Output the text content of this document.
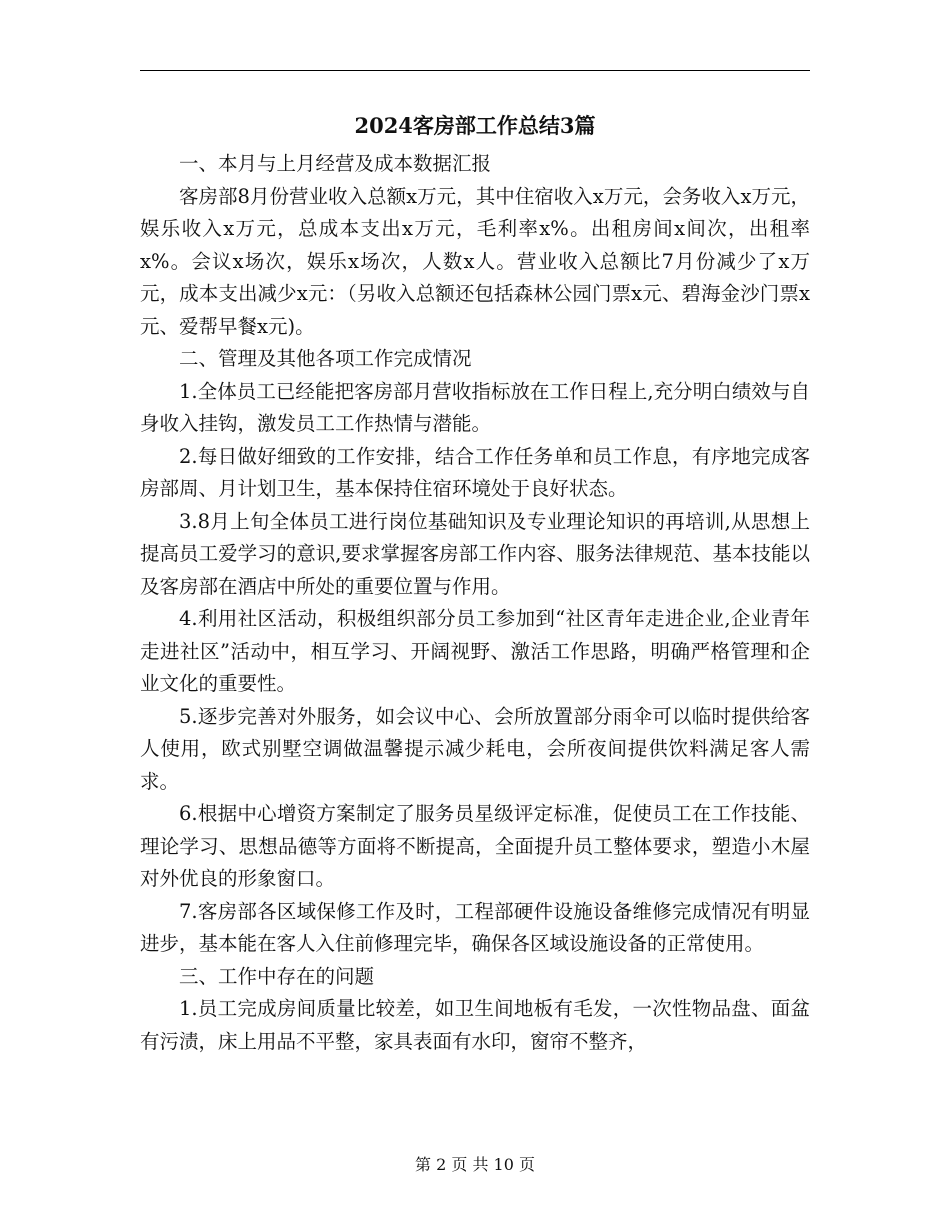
2024客房部工作总结3篇

一、本月与上月经营及成本数据汇报

客房部8月份营业收入总额x万元，其中住宿收入x万元，会务收入x万元，娱乐收入x万元，总成本支出x万元，毛利率x%。出租房间x间次，出租率x%。会议x场次，娱乐x场次，人数x人。营业收入总额比7月份减少了x万元，成本支出减少x元：（另收入总额还包括森林公园门票x元、碧海金沙门票x元、爱帮早餐x元)。

二、管理及其他各项工作完成情况

1.全体员工已经能把客房部月营收指标放在工作日程上,充分明白绩效与自身收入挂钩，激发员工工作热情与潜能。

2.每日做好细致的工作安排，结合工作任务单和员工作息，有序地完成客房部周、月计划卫生，基本保持住宿环境处于良好状态。

3.8月上旬全体员工进行岗位基础知识及专业理论知识的再培训,从思想上提高员工爱学习的意识,要求掌握客房部工作内容、服务法律规范、基本技能以及客房部在酒店中所处的重要位置与作用。

4.利用社区活动，积极组织部分员工参加到“社区青年走进企业,企业青年走进社区”活动中，相互学习、开阔视野、激活工作思路，明确严格管理和企业文化的重要性。

5.逐步完善对外服务，如会议中心、会所放置部分雨伞可以临时提供给客人使用，欧式别墅空调做温馨提示减少耗电，会所夜间提供饮料满足客人需求。

6.根据中心增资方案制定了服务员星级评定标准，促使员工在工作技能、理论学习、思想品德等方面将不断提高，全面提升员工整体要求，塑造小木屋对外优良的形象窗口。

7.客房部各区域保修工作及时，工程部硬件设施设备维修完成情况有明显进步，基本能在客人入住前修理完毕，确保各区域设施设备的正常使用。

三、工作中存在的问题

1.员工完成房间质量比较差，如卫生间地板有毛发，一次性物品盘、面盆有污渍，床上用品不平整，家具表面有水印，窗帘不整齐，

第 2 页 共 10 页
